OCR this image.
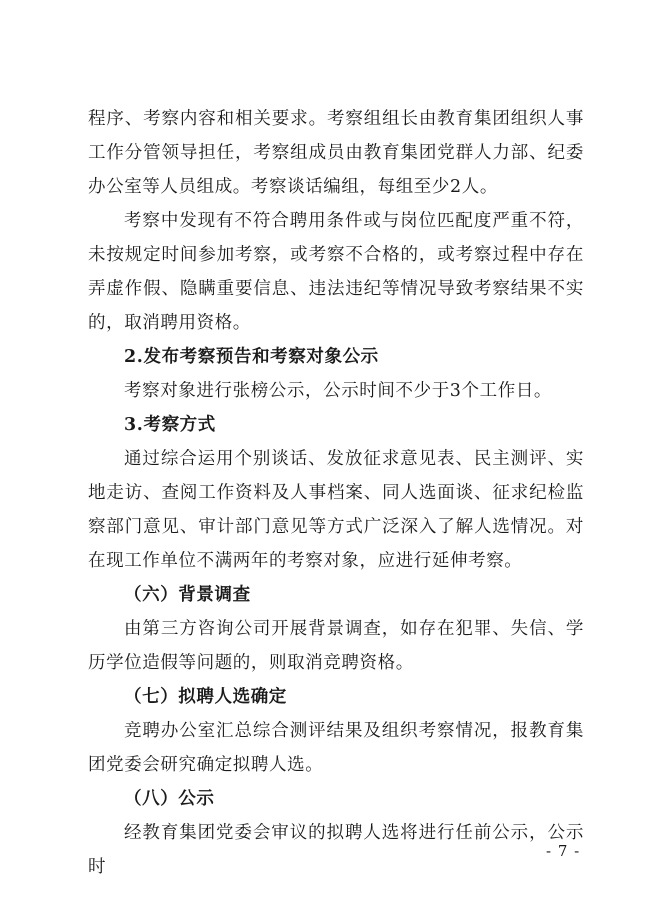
程序、考察内容和相关要求。考察组组长由教育集团组织人事工作分管领导担任，考察组成员由教育集团党群人力部、纪委办公室等人员组成。考察谈话编组，每组至少2人。

考察中发现有不符合聘用条件或与岗位匹配度严重不符，未按规定时间参加考察，或考察不合格的，或考察过程中存在弄虚作假、隐瞒重要信息、违法违纪等情况导致考察结果不实的，取消聘用资格。

2.发布考察预告和考察对象公示

考察对象进行张榜公示，公示时间不少于3个工作日。

3.考察方式

通过综合运用个别谈话、发放征求意见表、民主测评、实地走访、查阅工作资料及人事档案、同人选面谈、征求纪检监察部门意见、审计部门意见等方式广泛深入了解人选情况。对在现工作单位不满两年的考察对象，应进行延伸考察。

（六）背景调查

由第三方咨询公司开展背景调查，如存在犯罪、失信、学历学位造假等问题的，则取消竞聘资格。

（七）拟聘人选确定

竞聘办公室汇总综合测评结果及组织考察情况，报教育集团党委会研究确定拟聘人选。

（八）公示

经教育集团党委会审议的拟聘人选将进行任前公示，公示时

- 7 -
